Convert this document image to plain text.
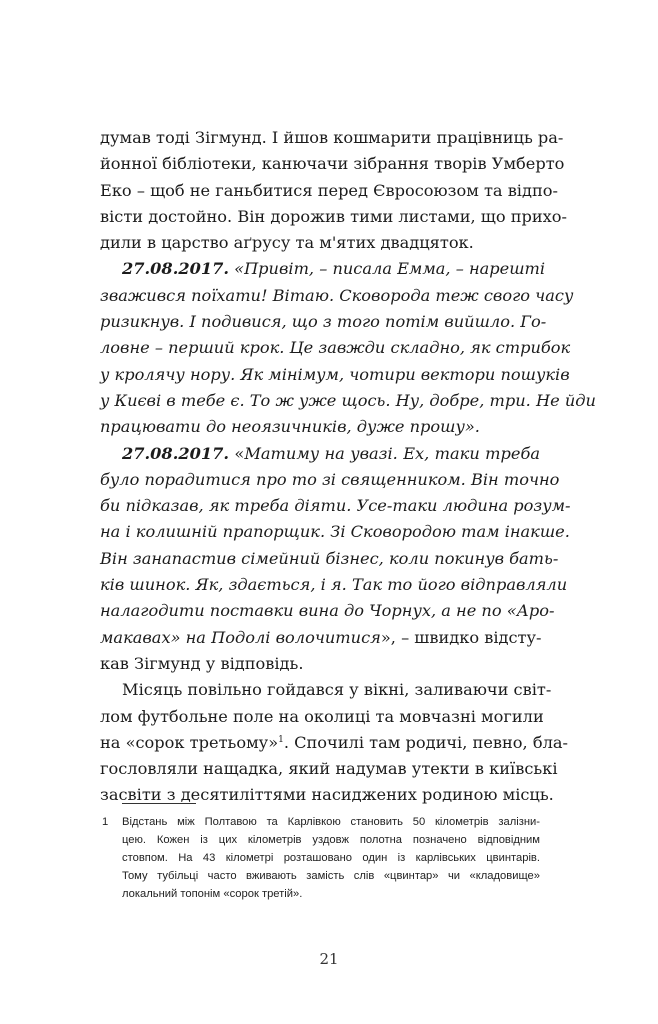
думав тоді Зігмунд. І йшов кошмарити працівниць ра-
йонної бібліотеки, канючачи зібрання творів Умберто
Еко – щоб не ганьбитися перед Євросоюзом та відпо-
вісти достойно. Він дорожив тими листами, що прихо-
дили в царство аґрусу та м'ятих двадцяток.
27.08.2017. «Привіт, – писала Емма, – нарешті
зважився поїхати! Вітаю. Сковорода теж свого часу
ризикнув. І подивися, що з того потім вийшло. Го-
ловне – перший крок. Це завжди складно, як стрибок
у кролячу нору. Як мінімум, чотири вектори пошуків
у Києві в тебе є. То ж уже щось. Ну, добре, три. Не йди
працювати до неоязичників, дуже прошу».
27.08.2017. «Матиму на увазі. Ех, таки треба
було порадитися про то зі священником. Він точно
би підказав, як треба діяти. Усе-таки людина розум-
на і колишній прапорщик. Зі Сковородою там інакше.
Він занапастив сімейний бізнес, коли покинув бать-
ків шинок. Як, здається, і я. Так то його відправляли
налагодити поставки вина до Чорнух, а не по «Аро-
макавах» на Подолі волочитися», – швидко відсту-
кав Зігмунд у відповідь.
Місяць повільно гойдався у вікні, заливаючи світ-
лом футбольне поле на околиці та мовчазні могили
на «сорок третьому»$^1$. Спочилі там родичі, певно, бла-
гословляли нащадка, який надумав утекти в київські
засвіти з десятиліттями насиджених родиною місць.
1 Відстань між Полтавою та Карлівкою становить 50 кілометрів залізни-
цею. Кожен із цих кілометрів уздовж полотна позначено відповідним
стовпом. На 43 кілометрі розташовано один із карлівських цвинтарів.
Тому тубільці часто вживають замість слів «цвинтар» чи «кладовище»
локальний топонім «сорок третій».
21
